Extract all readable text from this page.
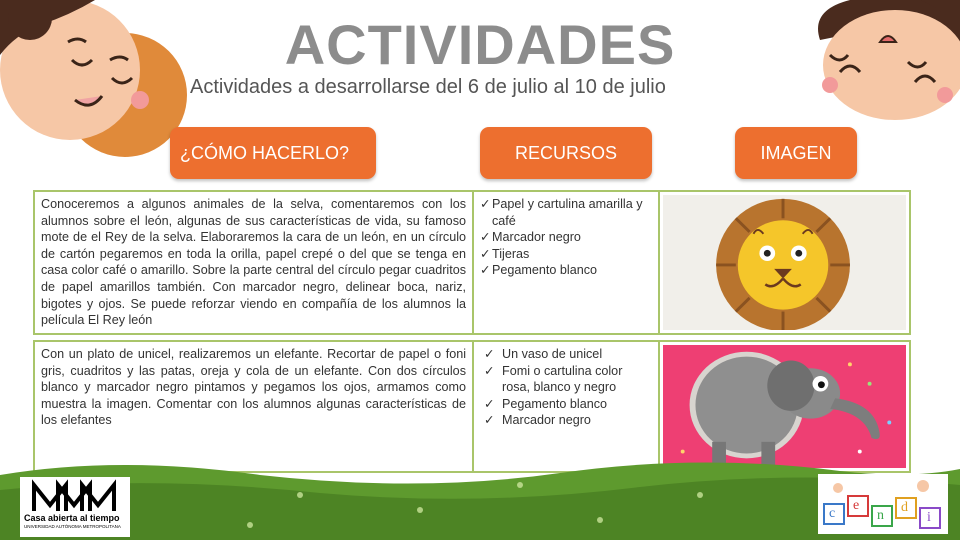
ACTIVIDADES
Actividades a desarrollarse del 6 de julio al 10 de julio
¿CÓMO HACERLO?	RECURSOS	IMAGEN
Conoceremos a algunos animales de la selva, comentaremos con los alumnos sobre el león, algunas de sus características de vida, su famoso mote de el Rey de la selva. Elaboraremos la cara de un león, en un círculo de cartón pegaremos en toda la orilla, papel crepé o del que se tenga en casa color café o amarillo. Sobre la parte central del círculo pegar cuadritos de papel amarillos también. Con marcador negro, delinear boca, nariz, bigotes y ojos. Se puede reforzar viendo en compañía de los alumnos la película El Rey león
✓ Papel y cartulina amarilla y café
✓ Marcador negro
✓ Tijeras
✓ Pegamento blanco
Con un plato de unicel, realizaremos un elefante. Recortar de papel o foni gris, cuadritos y las patas, oreja y cola de un elefante. Con dos círculos blanco y marcador negro pintamos y pegamos los ojos, armamos como muestra la imagen. Comentar con los alumnos algunas características de los elefantes
✓ Un vaso de unicel
✓ Fomi o cartulina color rosa, blanco y negro
✓ Pegamento blanco
✓ Marcador negro
Casa abierta al tiempo
UNIVERSIDAD AUTÓNOMA METROPOLITANA
c
e
n
d
i
